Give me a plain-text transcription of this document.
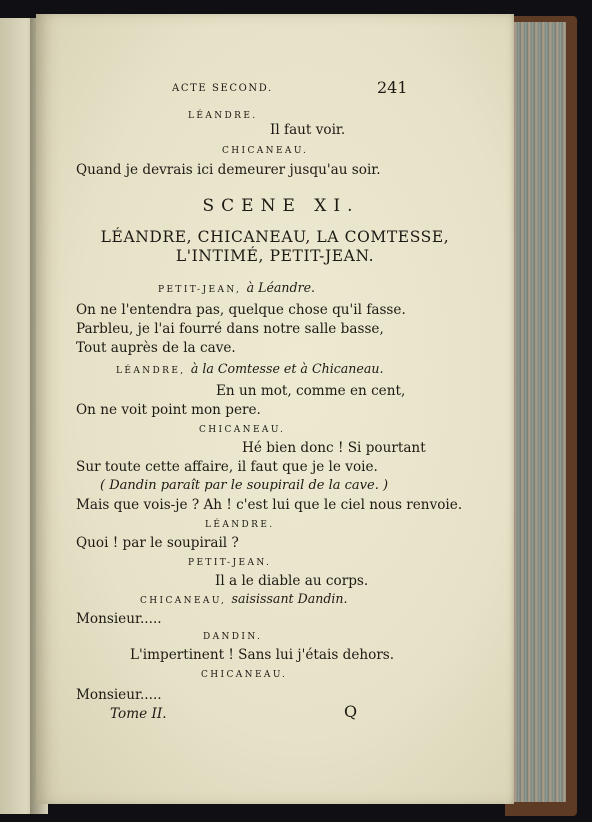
ACTE SECOND.	241
LÉANDRE.
Il faut voir.
CHICANEAU.
Quand je devrais ici demeurer jusqu'au soir.
SCENE XI.
LÉANDRE, CHICANEAU, LA COMTESSE,
L'INTIMÉ, PETIT-JEAN.
PETIT-JEAN, à Léandre.
On ne l'entendra pas, quelque chose qu'il fasse.
Parbleu, je l'ai fourré dans notre salle basse,
Tout auprès de la cave.
LÉANDRE, à la Comtesse et à Chicaneau.
En un mot, comme en cent,
On ne voit point mon pere.
CHICANEAU.
Hé bien donc ! Si pourtant
Sur toute cette affaire, il faut que je le voie.
( Dandin paraît par le soupirail de la cave. )
Mais que vois-je ? Ah ! c'est lui que le ciel nous renvoie.
LÉANDRE.
Quoi ! par le soupirail ?
PETIT-JEAN.
Il a le diable au corps.
CHICANEAU, saisissant Dandin.
Monsieur.....
DANDIN.
L'impertinent ! Sans lui j'étais dehors.
CHICANEAU.
Monsieur.....
Tome II.	Q
